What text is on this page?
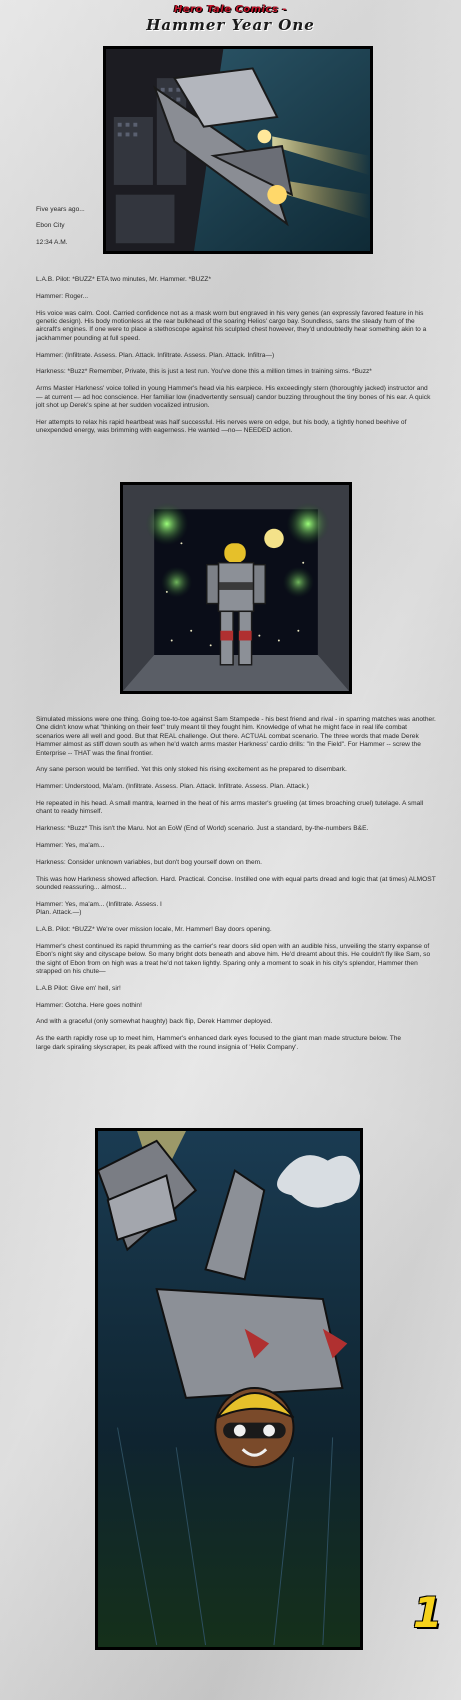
Hero Tale Comics -
Hammer Year One

Five years ago...

Ebon City

12:34 A.M.

L.A.B. Pilot: *BUZZ* ETA two minutes, Mr. Hammer. *BUZZ*

Hammer: Roger...

His voice was calm. Cool. Carried confidence not as a mask worn but engraved in his very genes (an expressly favored feature in his genetic design). His body motionless at the rear bulkhead of the soaring Helios' cargo bay. Soundless, sans the steady hum of the aircraft's engines. If one were to place a stethoscope against his sculpted chest however, they'd undoubtedly hear something akin to a jackhammer pounding at full speed.

Hammer: (Infiltrate. Assess. Plan. Attack. Infiltrate. Assess. Plan. Attack. Infiltra—)

Harkness: *Buzz* Remember, Private, this is just a test run. You've done this a million times in training sims. *Buzz*

Arms Master Harkness' voice tolled in young Hammer's head via his earpiece. His exceedingly stern (thoroughly jacked) instructor and — at current — ad hoc conscience. Her familiar low (inadvertently sensual) candor buzzing throughout the tiny bones of his ear. A quick jolt shot up Derek's spine at her sudden vocalized intrusion.

Her attempts to relax his rapid heartbeat was half successful. His nerves were on edge, but his body, a tightly honed beehive of unexpended energy, was brimming with eagerness. He wanted —no— NEEDED action.

Simulated missions were one thing. Going toe-to-toe against Sam Stampede - his best friend and rival - in sparring matches was another. One didn't know what "thinking on their feet" truly meant til they fought him. Knowledge of what he might face in real life combat scenarios were all well and good. But that REAL challenge. Out there. ACTUAL combat scenario. The three words that made Derek Hammer almost as stiff down south as when he'd watch arms master Harkness' cardio drills: "In the Field". For Hammer -- screw the Enterprise -- THAT was the final frontier.

Any sane person would be terrified. Yet this only stoked his rising excitement as he prepared to disembark.

Hammer: Understood, Ma'am. (Infiltrate. Assess. Plan. Attack. Infiltrate. Assess. Plan. Attack.)

He repeated in his head. A small mantra, learned in the heat of his arms master's grueling (at times broaching cruel) tutelage. A small chant to ready himself.

Harkness: *Buzz* This isn't the Maru. Not an EoW (End of World) scenario. Just a standard, by-the-numbers B&E.

Hammer: Yes, ma'am...

Harkness: Consider unknown variables, but don't bog yourself down on them.

This was how Harkness showed affection. Hard. Practical. Concise. Instilled one with equal parts dread and logic that (at times) ALMOST sounded reassuring... almost...

Hammer: Yes, ma'am... (Infiltrate. Assess. I
Plan. Attack.—)

L.A.B. Pilot: *BUZZ* We're over mission locale, Mr. Hammer! Bay doors opening.

Hammer's chest continued its rapid thrumming as the carrier's rear doors slid open with an audible hiss, unveiling the starry expanse of Ebon's night sky and cityscape below. So many bright dots beneath and above him. He'd dreamt about this. He couldn't fly like Sam, so the sight of Ebon from on high was a treat he'd not taken lightly. Sparing only a moment to soak in his city's splendor, Hammer then strapped on his chute—

L.A.B Pilot: Give em' hell, sir!

Hammer: Gotcha. Here goes nothin!

And with a graceful (only somewhat haughty) back flip, Derek Hammer deployed.

As the earth rapidly rose up to meet him, Hammer's enhanced dark eyes focused to the giant man made structure below. The
large dark spiraling skyscraper, its peak affixed with the round insignia of 'Helix Company'.

1
